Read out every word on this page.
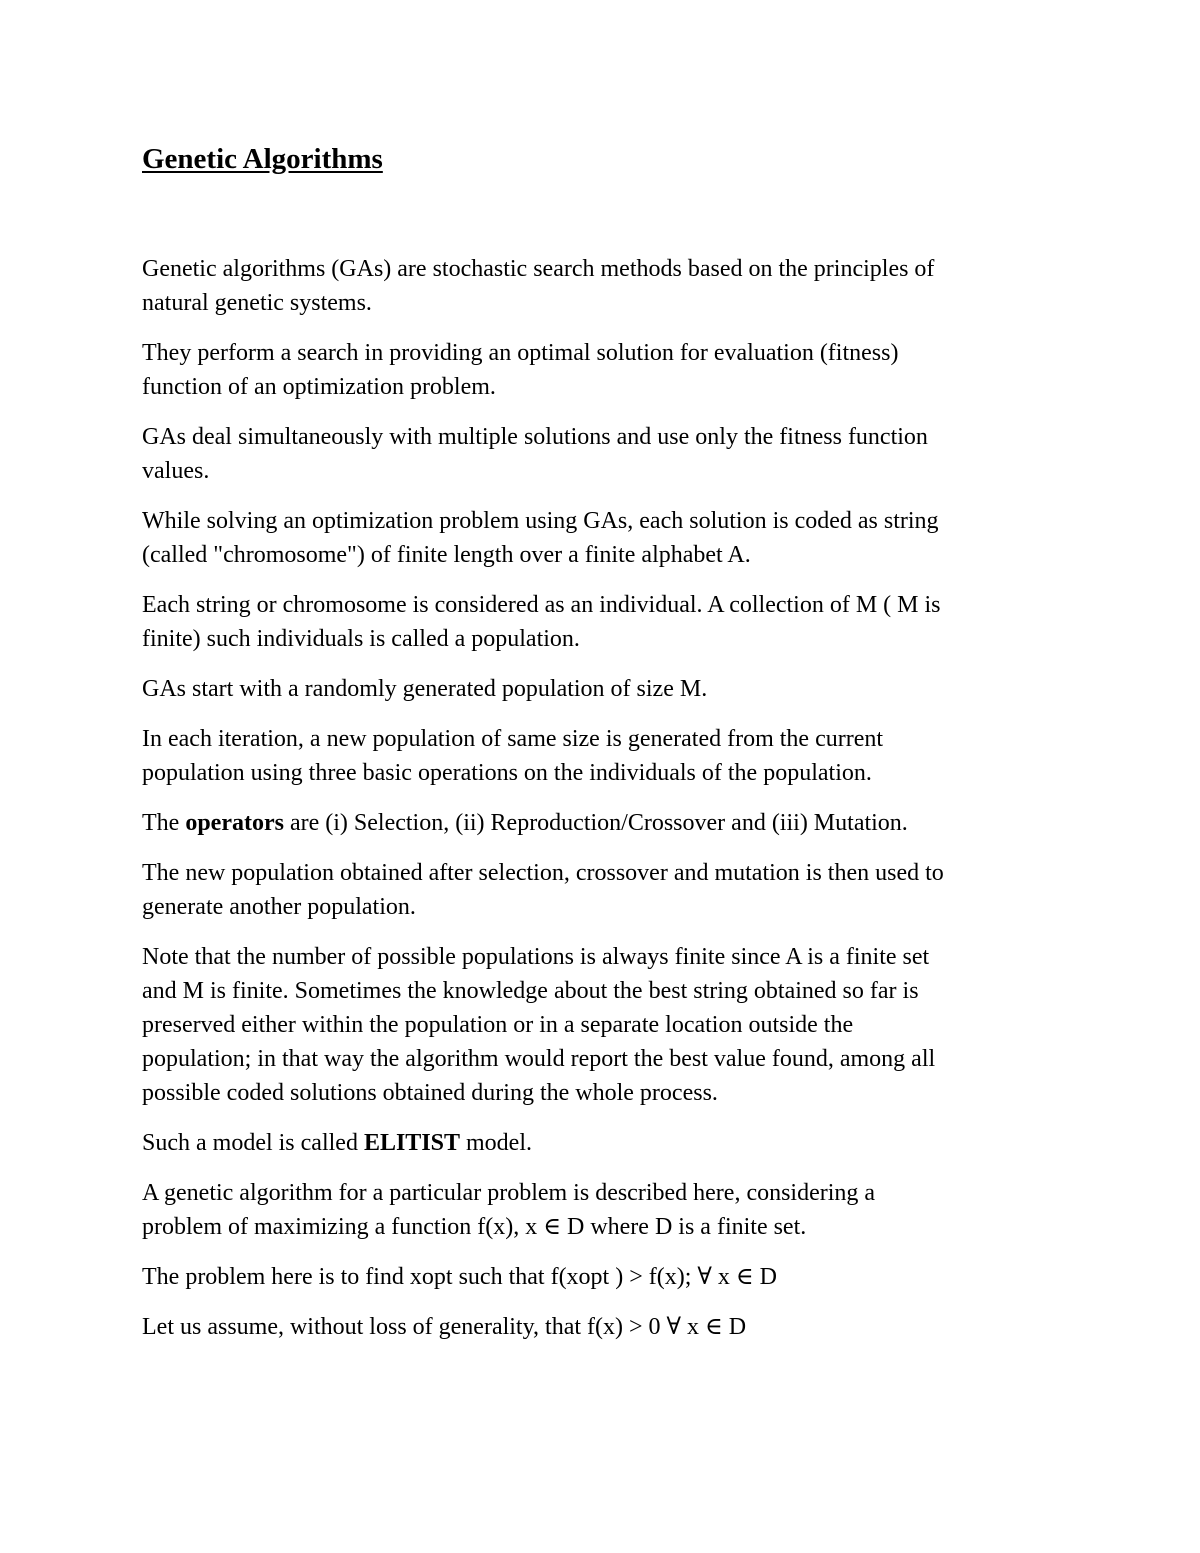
Genetic Algorithms

Genetic algorithms (GAs) are stochastic search methods based on the principles of
natural genetic systems.

They perform a search in providing an optimal solution for evaluation (fitness)
function of an optimization problem.

GAs deal simultaneously with multiple solutions and use only the fitness function
values.

While solving an optimization problem using GAs, each solution is coded as string
(called "chromosome") of finite length over a finite alphabet A.

Each string or chromosome is considered as an individual. A collection of M ( M is
finite) such individuals is called a population.

GAs start with a randomly generated population of size M.

In each iteration, a new population of same size is generated from the current
population using three basic operations on the individuals of the population.

The operators are (i) Selection, (ii) Reproduction/Crossover and (iii) Mutation.

The new population obtained after selection, crossover and mutation is then used to
generate another population.

Note that the number of possible populations is always finite since A is a finite set
and M is finite. Sometimes the knowledge about the best string obtained so far is
preserved either within the population or in a separate location outside the
population; in that way the algorithm would report the best value found, among all
possible coded solutions obtained during the whole process.

Such a model is called ELITIST model.

A genetic algorithm for a particular problem is described here, considering a
problem of maximizing a function f(x), x ∈ D where D is a finite set.

The problem here is to find xopt such that f(xopt ) > f(x); ∀ x ∈ D

Let us assume, without loss of generality, that f(x) > 0 ∀ x ∈ D
